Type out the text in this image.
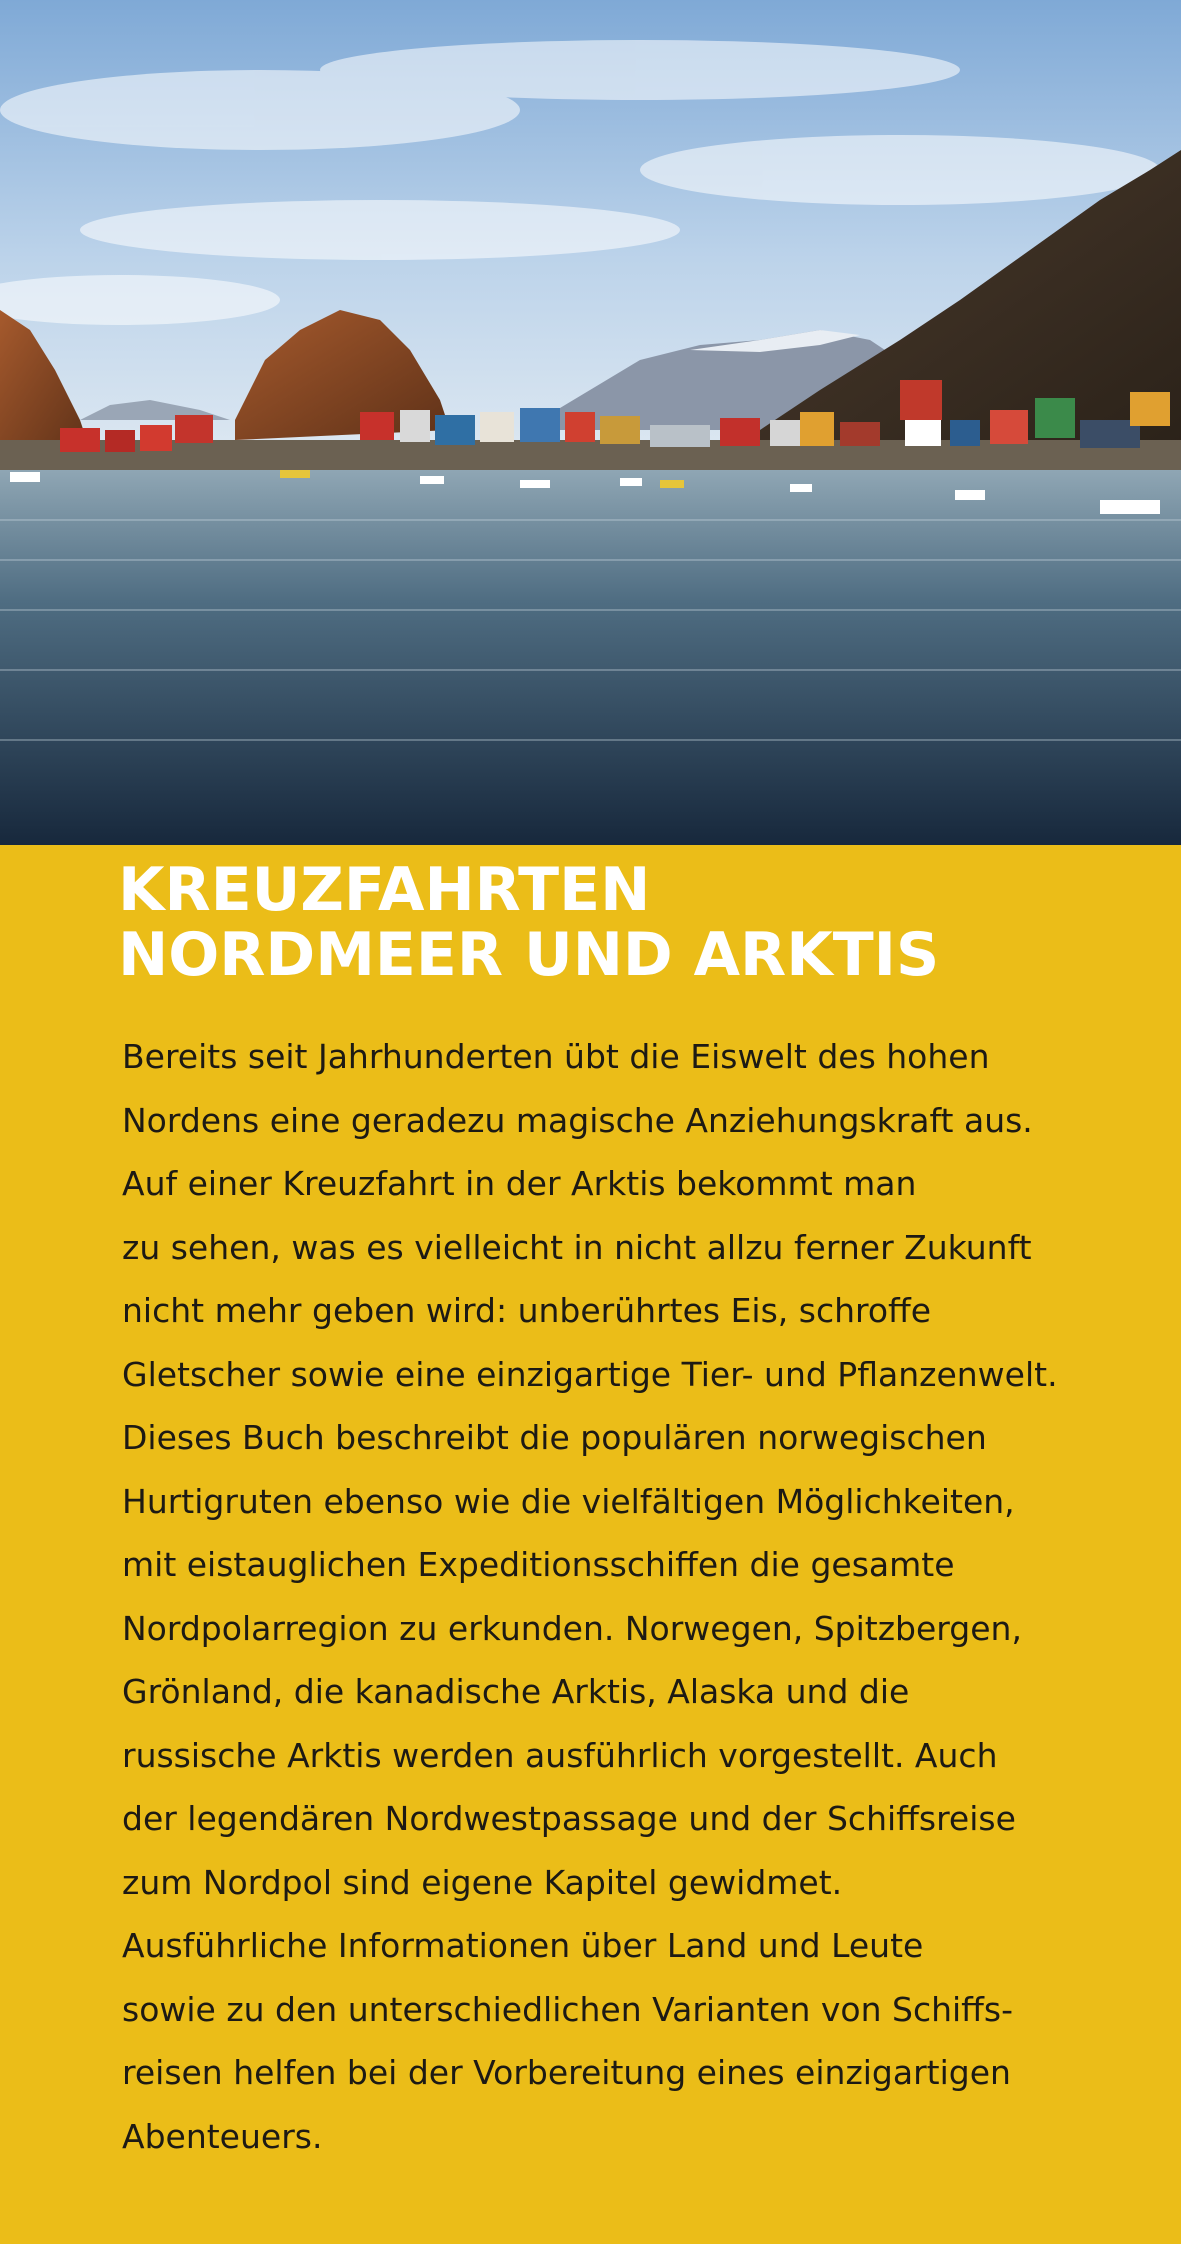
KREUZFAHRTEN
NORDMEER UND ARKTIS
Bereits seit Jahrhunderten übt die Eiswelt des hohen
Nordens eine geradezu magische Anziehungskraft aus.
Auf einer Kreuzfahrt in der Arktis bekommt man
zu sehen, was es vielleicht in nicht allzu ferner Zukunft
nicht mehr geben wird: unberührtes Eis, schroffe
Gletscher sowie eine einzigartige Tier- und Pflanzenwelt.
Dieses Buch beschreibt die populären norwegischen
Hurtigruten ebenso wie die vielfältigen Möglichkeiten,
mit eistauglichen Expeditionsschiffen die gesamte
Nordpolarregion zu erkunden. Norwegen, Spitzbergen,
Grönland, die kanadische Arktis, Alaska und die
russische Arktis werden ausführlich vorgestellt. Auch
der legendären Nordwestpassage und der Schiffsreise
zum Nordpol sind eigene Kapitel gewidmet.
Ausführliche Informationen über Land und Leute
sowie zu den unterschiedlichen Varianten von Schiffs-
reisen helfen bei der Vorbereitung eines einzigartigen
Abenteuers.
